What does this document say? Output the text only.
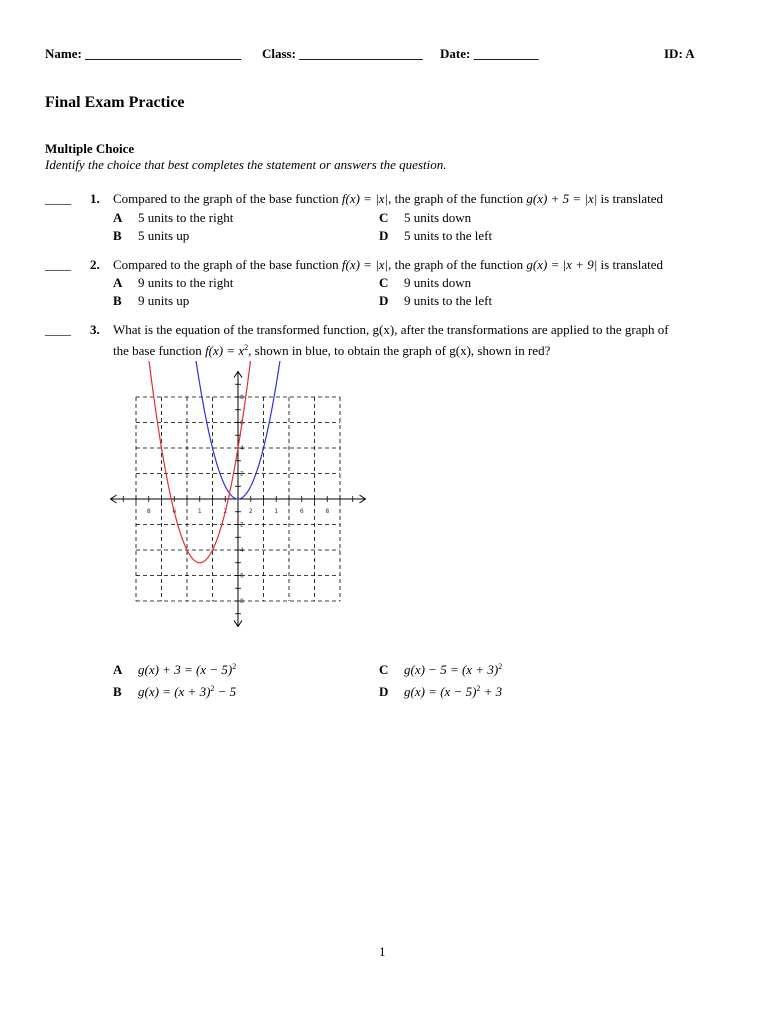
Name: ________________________ Class: ___________________ Date: __________	ID: A
Final Exam Practice
Multiple Choice
Identify the choice that best completes the statement or answers the question.
____ 1. Compared to the graph of the base function f(x) = |x|, the graph of the function g(x) + 5 = |x| is translated
A 5 units to the right
B 5 units up
C 5 units down
D 5 units to the left
____ 2. Compared to the graph of the base function f(x) = |x|, the graph of the function g(x) = |x + 9| is translated
A 9 units to the right
B 9 units up
C 9 units down
D 9 units to the left
____ 3. What is the equation of the transformed function, g(x), after the transformations are applied to the graph of
the base function $f(x) = x^2$, shown in blue, to obtain the graph of g(x), shown in red?
8	6	1	2	2	1	6	8
8
6
4
2
2
4
6
8
A $g(x) + 3 = (x - 5)^2$
B $g(x) = (x + 3)^2 - 5$
C $g(x) - 5 = (x + 3)^2$
D $g(x) = (x - 5)^2 + 3$
1
